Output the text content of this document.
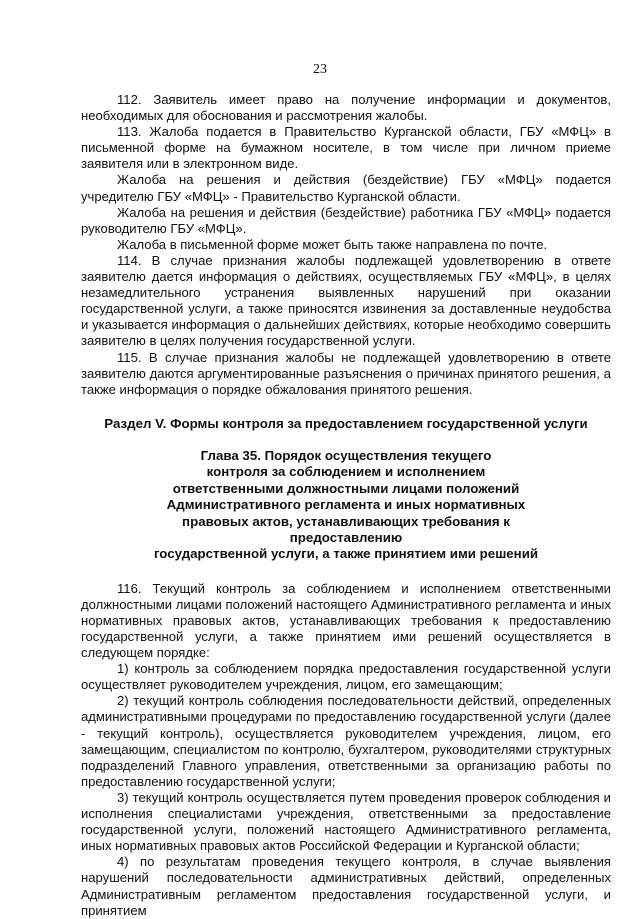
23

112. Заявитель имеет право на получение информации и документов, необходимых для обоснования и рассмотрения жалобы.

113. Жалоба подается в Правительство Курганской области, ГБУ «МФЦ» в письменной форме на бумажном носителе, в том числе при личном приеме заявителя или в электронном виде.

Жалоба на решения и действия (бездействие) ГБУ «МФЦ» подается учредителю ГБУ «МФЦ» - Правительство Курганской области.

Жалоба на решения и действия (бездействие) работника ГБУ «МФЦ» подается руководителю ГБУ «МФЦ».

Жалоба в письменной форме может быть также направлена по почте.

114. В случае признания жалобы подлежащей удовлетворению в ответе заявителю дается информация о действиях, осуществляемых ГБУ «МФЦ», в целях незамедлительного устранения выявленных нарушений при оказании государственной услуги, а также приносятся извинения за доставленные неудобства и указывается информация о дальнейших действиях, которые необходимо совершить заявителю в целях получения государственной услуги.

115. В случае признания жалобы не подлежащей удовлетворению в ответе заявителю даются аргументированные разъяснения о причинах принятого решения, а также информация о порядке обжалования принятого решения.

Раздел V. Формы контроля за предоставлением государственной услуги
Глава 35. Порядок осуществления текущего
контроля за соблюдением и исполнением
ответственными должностными лицами положений
Административного регламента и иных нормативных
правовых актов, устанавливающих требования к предоставлению
государственной услуги, а также принятием ими решений

116. Текущий контроль за соблюдением и исполнением ответственными должностными лицами положений настоящего Административного регламента и иных нормативных правовых актов, устанавливающих требования к предоставлению государственной услуги, а также принятием ими решений осуществляется в следующем порядке:

1) контроль за соблюдением порядка предоставления государственной услуги осуществляет руководителем учреждения, лицом, его замещающим;

2) текущий контроль соблюдения последовательности действий, определенных административными процедурами по предоставлению государственной услуги (далее - текущий контроль), осуществляется руководителем учреждения, лицом, его замещающим, специалистом по контролю, бухгалтером, руководителями структурных подразделений Главного управления, ответственными за организацию работы по предоставлению государственной услуги;

3) текущий контроль осуществляется путем проведения проверок соблюдения и исполнения специалистами учреждения, ответственными за предоставление государственной услуги, положений настоящего Административного регламента, иных нормативных правовых актов Российской Федерации и Курганской области;

4) по результатам проведения текущего контроля, в случае выявления нарушений последовательности административных действий, определенных Административным регламентом предоставления государственной услуги, и принятием
